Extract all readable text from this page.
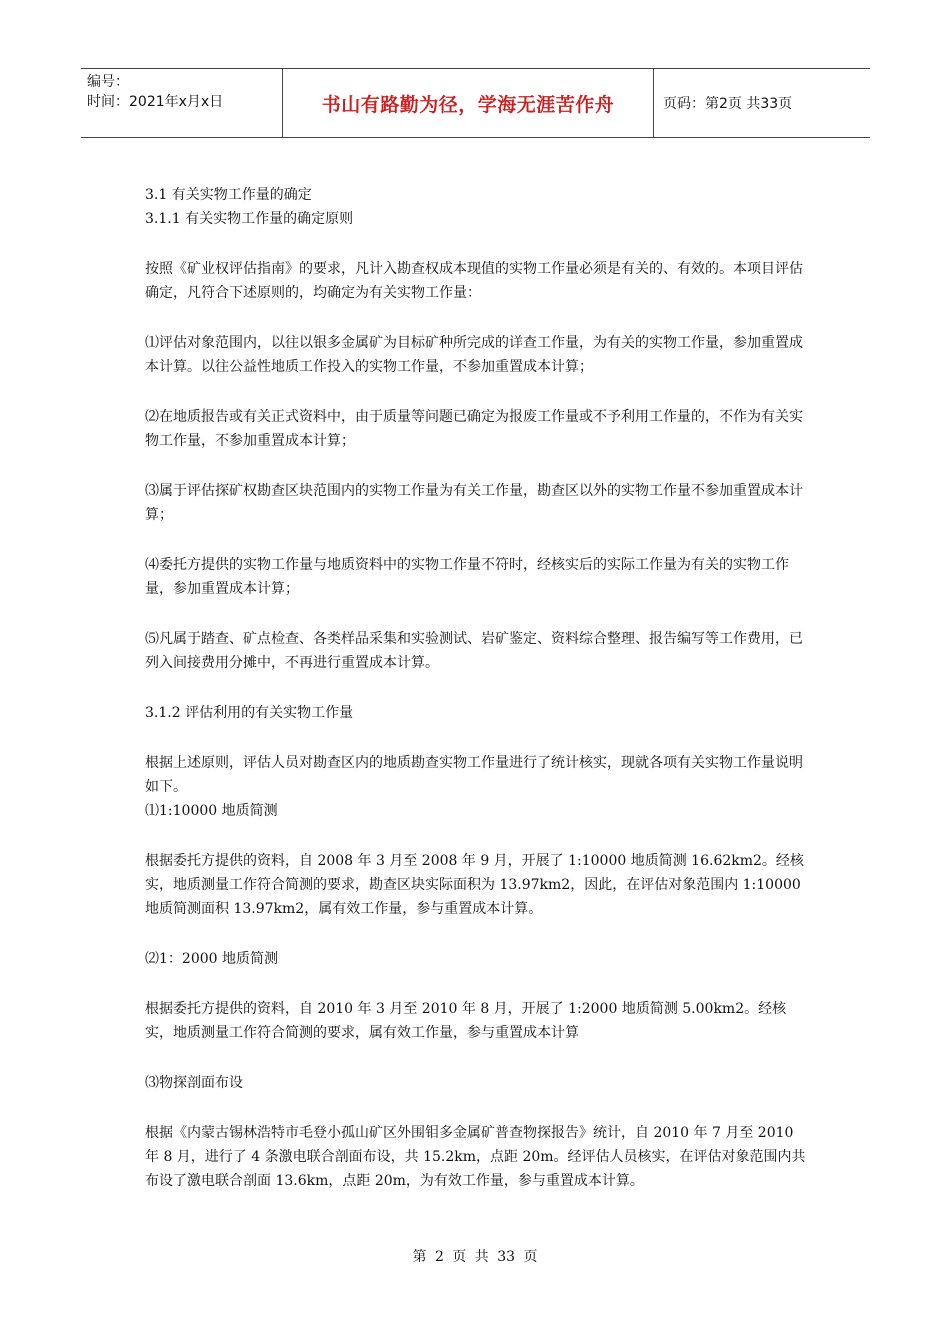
编号：
时间：2021年x月x日	书山有路勤为径，学海无涯苦作舟	页码：第2页 共33页

3.1 有关实物工作量的确定

3.1.1 有关实物工作量的确定原则

按照《矿业权评估指南》的要求，凡计入勘查权成本现值的实物工作量必须是有关的、有效的。本项目评估确定，凡符合下述原则的，均确定为有关实物工作量：

⑴评估对象范围内，以往以银多金属矿为目标矿种所完成的详查工作量，为有关的实物工作量，参加重置成本计算。以往公益性地质工作投入的实物工作量，不参加重置成本计算；

⑵在地质报告或有关正式资料中，由于质量等问题已确定为报废工作量或不予利用工作量的，不作为有关实物工作量，不参加重置成本计算；

⑶属于评估探矿权勘查区块范围内的实物工作量为有关工作量，勘查区以外的实物工作量不参加重置成本计算；

⑷委托方提供的实物工作量与地质资料中的实物工作量不符时，经核实后的实际工作量为有关的实物工作量，参加重置成本计算；

⑸凡属于踏查、矿点检查、各类样品采集和实验测试、岩矿鉴定、资料综合整理、报告编写等工作费用，已列入间接费用分摊中，不再进行重置成本计算。

3.1.2 评估利用的有关实物工作量

根据上述原则，评估人员对勘查区内的地质勘查实物工作量进行了统计核实，现就各项有关实物工作量说明如下。

⑴1:10000 地质简测

根据委托方提供的资料，自 2008 年 3 月至 2008 年 9 月，开展了 1:10000 地质简测 16.62km2。经核实，地质测量工作符合简测的要求，勘查区块实际面积为 13.97km2，因此，在评估对象范围内 1:10000 地质简测面积 13.97km2，属有效工作量，参与重置成本计算。

⑵1：2000 地质简测

根据委托方提供的资料，自 2010 年 3 月至 2010 年 8 月，开展了 1:2000 地质简测 5.00km2。经核实，地质测量工作符合简测的要求，属有效工作量，参与重置成本计算

⑶物探剖面布设

根据《内蒙古锡林浩特市毛登小孤山矿区外围钼多金属矿普查物探报告》统计，自 2010 年 7 月至 2010 年 8 月，进行了 4 条激电联合剖面布设，共 15.2km，点距 20m。经评估人员核实，在评估对象范围内共布设了激电联合剖面 13.6km，点距 20m，为有效工作量，参与重置成本计算。

第 2 页 共 33 页
